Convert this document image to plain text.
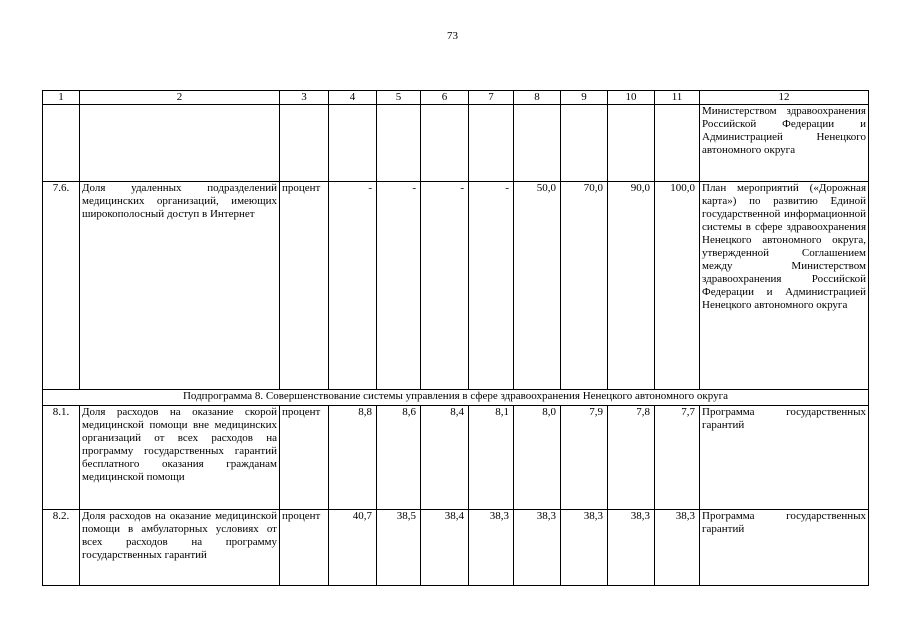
73
1	2	3	4	5	6	7	8	9	10	11	12
											Министерством здравоохранения Российской Федерации и Администрацией Ненецкого автономного округа
7.6.	Доля удаленных подразделений медицинских организаций, имеющих широкополосный доступ в Интернет	процент	-	-	-	-	50,0	70,0	90,0	100,0	План мероприятий («Дорожная карта») по развитию Единой государственной информационной системы в сфере здравоохранения Ненецкого автономного округа, утвержденной Соглашением между Министерством здравоохранения Российской Федерации и Администрацией Ненецкого автономного округа
Подпрограмма 8. Совершенствование системы управления в сфере здравоохранения Ненецкого автономного округа											
8.1.	Доля расходов на оказание скорой медицинской помощи вне медицинских организаций от всех расходов на программу государственных гарантий бесплатного оказания гражданам медицинской помощи	процент	8,8	8,6	8,4	8,1	8,0	7,9	7,8	7,7	Программа государственных гарантий
8.2.	Доля расходов на оказание медицинской помощи в амбулаторных условиях от всех расходов на программу государственных гарантий	процент	40,7	38,5	38,4	38,3	38,3	38,3	38,3	38,3	Программа государственных гарантий
